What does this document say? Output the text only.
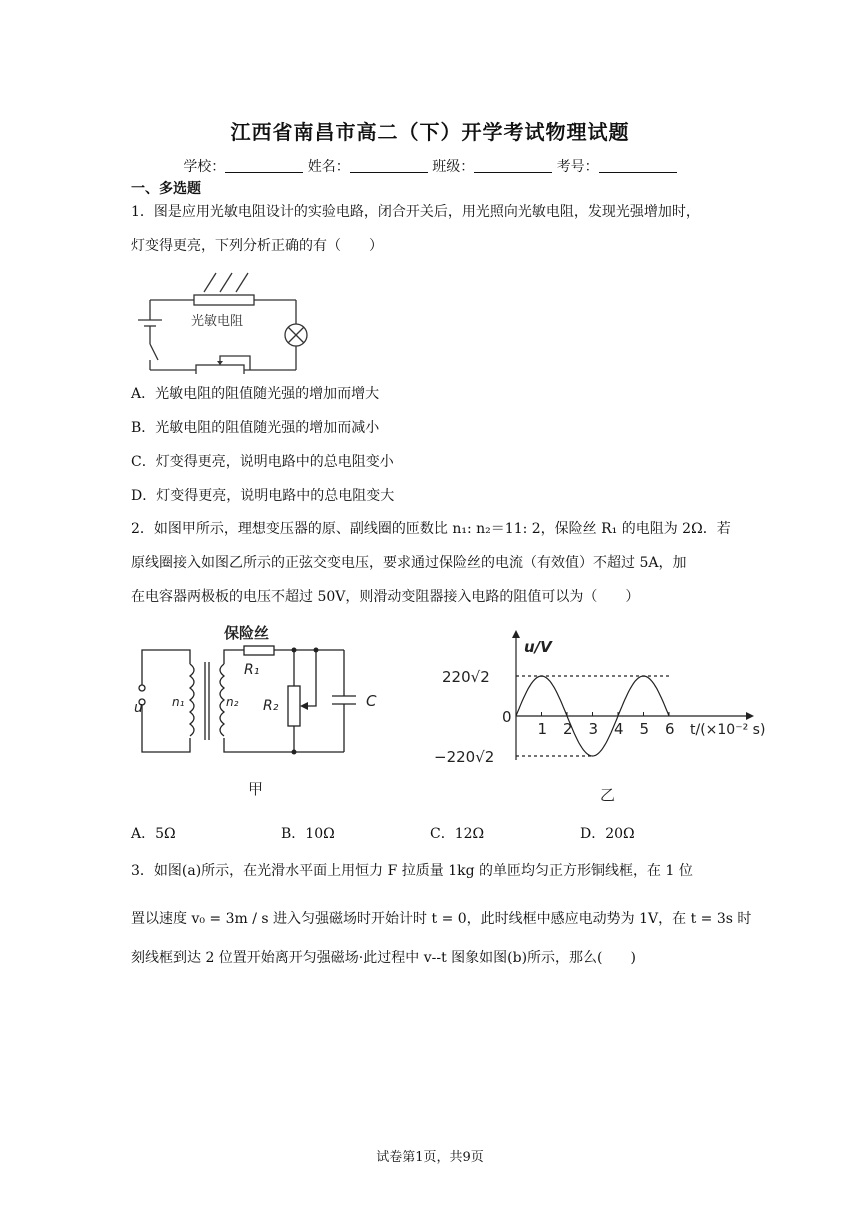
江西省南昌市高二（下）开学考试物理试题
学校：	姓名：	班级：	考号：
一、多选题
1．图是应用光敏电阻设计的实验电路，闭合开关后，用光照向光敏电阻，发现光强增加时，
灯变得更亮，下列分析正确的有（　　）
光敏电阻
A．光敏电阻的阻值随光强的增加而增大
B．光敏电阻的阻值随光强的增加而减小
C．灯变得更亮，说明电路中的总电阻变小
D．灯变得更亮，说明电路中的总电阻变大
2．如图甲所示，理想变压器的原、副线圈的匝数比 n₁: n₂＝11: 2，保险丝 R₁ 的电阻为 2Ω．若
原线圈接入如图乙所示的正弦交变电压，要求通过保险丝的电流（有效值）不超过 5A，加
在电容器两极板的电压不超过 50V，则滑动变阻器接入电路的阻值可以为（　　）
保险丝
R₁
R₂	C
u n₁	n₂
甲
u/V
220√2
−220√2
0
1 2 3 4 5 6 t/(×10⁻² s)
乙
A．5Ω	B．10Ω	C．12Ω	D．20Ω
3．如图(a)所示，在光滑水平面上用恒力 F 拉质量 1kg 的单匝均匀正方形铜线框，在 1 位
置以速度 v₀ = 3m / s 进入匀强磁场时开始计时 t = 0，此时线框中感应电动势为 1V，在 t = 3s 时
刻线框到达 2 位置开始离开匀强磁场·此过程中 v--t 图象如图(b)所示，那么(　　)
试卷第1页，共9页
